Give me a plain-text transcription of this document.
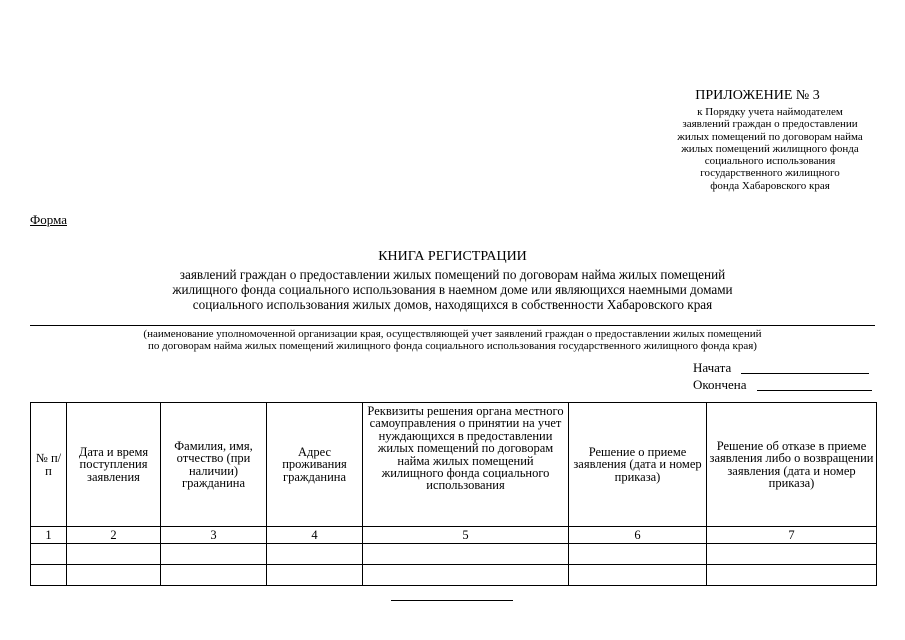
ПРИЛОЖЕНИЕ № 3
к Порядку учета наймодателем
заявлений граждан о предоставлении
жилых помещений по договорам найма
жилых помещений жилищного фонда
социального использования
государственного жилищного
фонда Хабаровского края
Форма
КНИГА РЕГИСТРАЦИИ
заявлений граждан о предоставлении жилых помещений по договорам найма жилых помещений
жилищного фонда социального использования в наемном доме или являющихся наемными домами
социального использования жилых домов, находящихся в собственности Хабаровского края
(наименование уполномоченной организации края, осуществляющей учет заявлений граждан о предоставлении жилых помещений
по договорам найма жилых помещений жилищного фонда социального использования государственного жилищного фонда края)
Начата
Окончена
№ п/п	Дата и время поступления заявления	Фамилия, имя, отчество (при наличии) гражданина	Адрес проживания гражданина	Реквизиты решения органа местного самоуправления о принятии на учет нуждающихся в предоставлении жилых помещений по договорам найма жилых помещений жилищного фонда социального использования	Решение о приеме заявления (дата и номер приказа)	Решение об отказе в приеме заявления либо о возвращении заявления (дата и номер приказа)
1	2	3	4	5	6	7
